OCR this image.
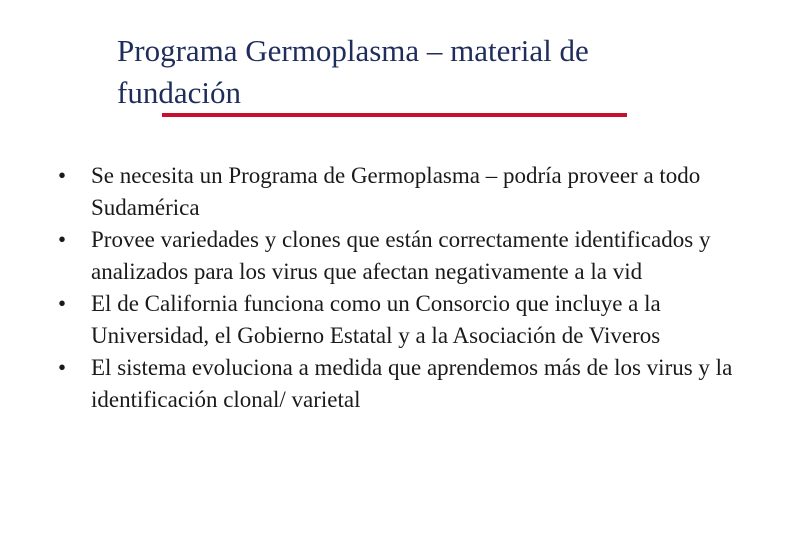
Programa Germoplasma – material de fundación
•	Se necesita un Programa de Germoplasma – podría proveer a todo Sudamérica
•	Provee variedades y clones que están correctamente identificados y analizados para los virus que afectan negativamente a la vid
•	El de California funciona como un Consorcio que incluye a la Universidad, el Gobierno Estatal y a la Asociación de Viveros
•	El sistema evoluciona a medida que aprendemos más de los virus y la identificación clonal/ varietal
